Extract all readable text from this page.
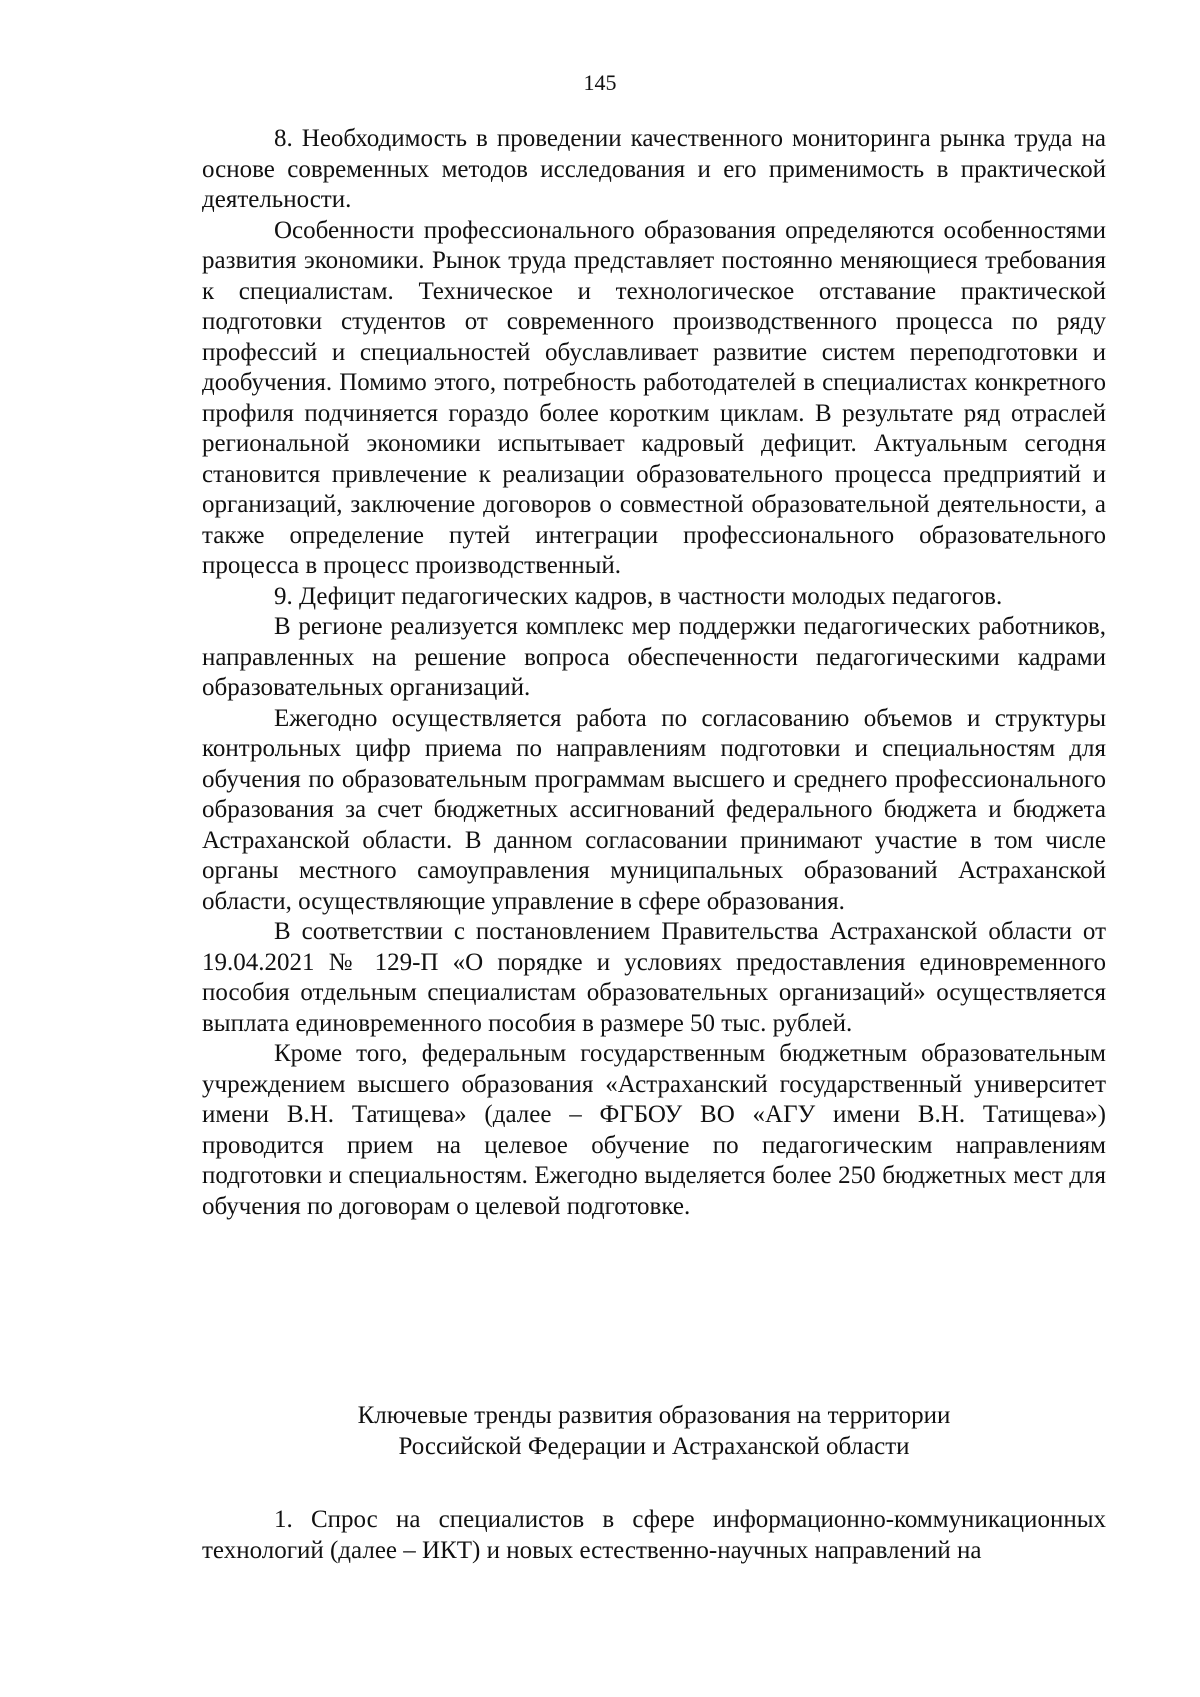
145

8. Необходимость в проведении качественного мониторинга рынка труда на основе современных методов исследования и его применимость в практической деятельности.

Особенности профессионального образования определяются особенностями развития экономики. Рынок труда представляет постоянно меняющиеся требования к специалистам. Техническое и технологическое отставание практической подготовки студентов от современного производственного процесса по ряду профессий и специальностей обуславливает развитие систем переподготовки и дообучения. Помимо этого, потребность работодателей в специалистах конкретного профиля подчиняется гораздо более коротким циклам. В результате ряд отраслей региональной экономики испытывает кадровый дефицит. Актуальным сегодня становится привлечение к реализации образовательного процесса предприятий и организаций, заключение договоров о совместной образовательной деятельности, а также определение путей интеграции профессионального образовательного процесса в процесс производственный.

9. Дефицит педагогических кадров, в частности молодых педагогов.

В регионе реализуется комплекс мер поддержки педагогических работников, направленных на решение вопроса обеспеченности педагогическими кадрами образовательных организаций.

Ежегодно осуществляется работа по согласованию объемов и структуры контрольных цифр приема по направлениям подготовки и специальностям для обучения по образовательным программам высшего и среднего профессионального образования за счет бюджетных ассигнований федерального бюджета и бюджета Астраханской области. В данном согласовании принимают участие в том числе органы местного самоуправления муниципальных образований Астраханской области, осуществляющие управление в сфере образования.

В соответствии с постановлением Правительства Астраханской области от 19.04.2021 № 129-П «О порядке и условиях предоставления единовременного пособия отдельным специалистам образовательных организаций» осуществляется выплата единовременного пособия в размере 50 тыс. рублей.

Кроме того, федеральным государственным бюджетным образовательным учреждением высшего образования «Астраханский государственный университет имени В.Н. Татищева» (далее – ФГБОУ ВО «АГУ имени В.Н. Татищева») проводится прием на целевое обучение по педагогическим направлениям подготовки и специальностям. Ежегодно выделяется более 250 бюджетных мест для обучения по договорам о целевой подготовке.

Ключевые тренды развития образования на территории
Российской Федерации и Астраханской области

1. Спрос на специалистов в сфере информационно-коммуникационных технологий (далее – ИКТ) и новых естественно-научных направлений на
